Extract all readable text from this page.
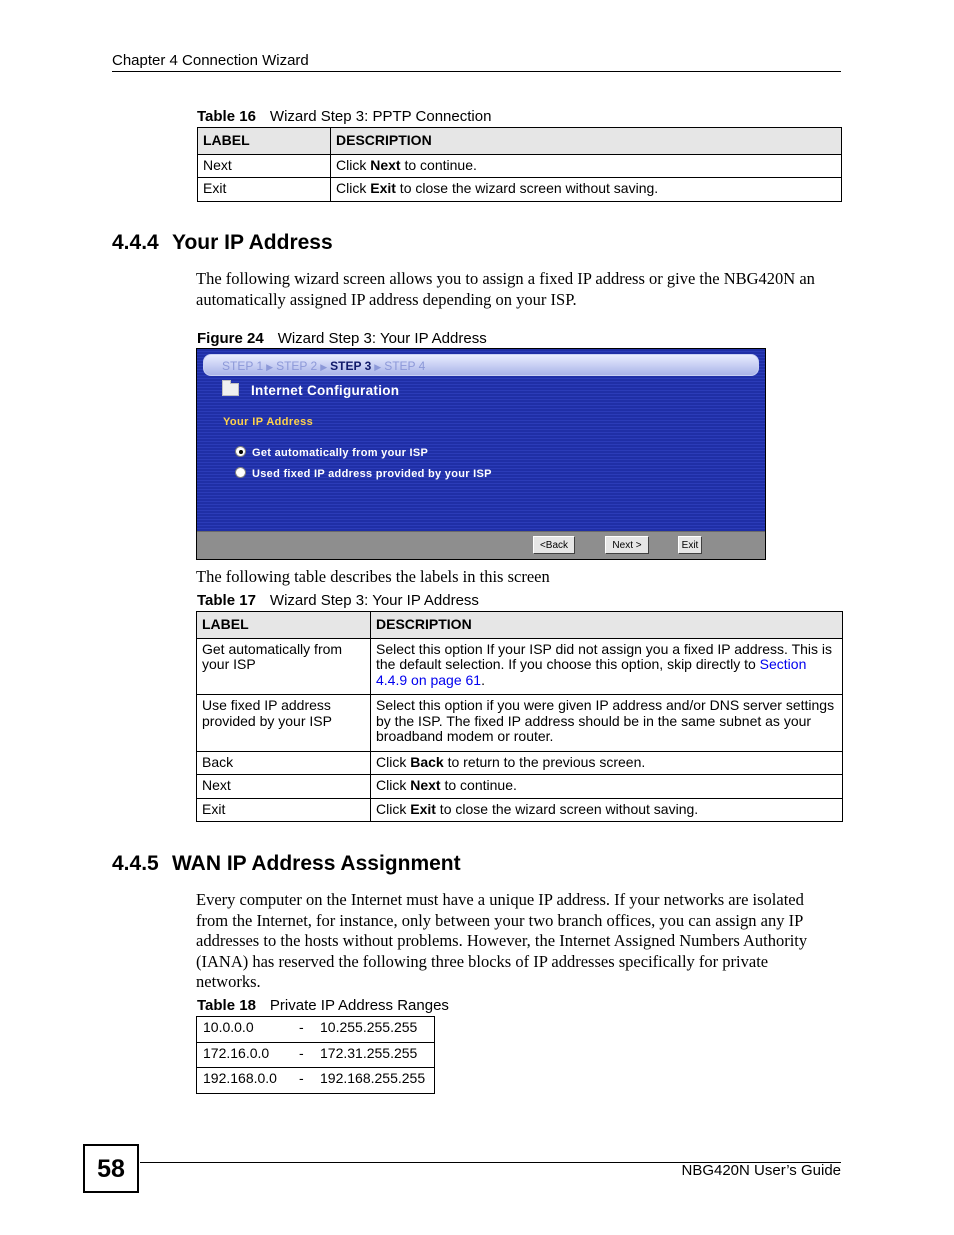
Chapter 4 Connection Wizard
Table 16 Wizard Step 3: PPTP Connection
LABEL	DESCRIPTION
Next	Click Next to continue.
Exit	Click Exit to close the wizard screen without saving.
4.4.4 Your IP Address
The following wizard screen allows you to assign a fixed IP address or give the NBG420N an automatically assigned IP address depending on your ISP.
Figure 24 Wizard Step 3: Your IP Address
STEP 1 ▶ STEP 2 ▶ STEP 3 ▶ STEP 4
Internet Configuration
Your IP Address
Get automatically from your ISP
Used fixed IP address provided by your ISP
<Back	Next >	Exit
The following table describes the labels in this screen
Table 17 Wizard Step 3: Your IP Address
LABEL	DESCRIPTION
Get automatically from your ISP	Select this option If your ISP did not assign you a fixed IP address. This is the default selection. If you choose this option, skip directly to Section 4.4.9 on page 61.
Use fixed IP address provided by your ISP	Select this option if you were given IP address and/or DNS server settings by the ISP. The fixed IP address should be in the same subnet as your broadband modem or router.
Back	Click Back to return to the previous screen.
Next	Click Next to continue.
Exit	Click Exit to close the wizard screen without saving.
4.4.5 WAN IP Address Assignment
Every computer on the Internet must have a unique IP address. If your networks are isolated from the Internet, for instance, only between your two branch offices, you can assign any IP addresses to the hosts without problems. However, the Internet Assigned Numbers Authority (IANA) has reserved the following three blocks of IP addresses specifically for private networks.
Table 18 Private IP Address Ranges
10.0.0.0	-	10.255.255.255
172.16.0.0	-	172.31.255.255
192.168.0.0	-	192.168.255.255
58	NBG420N User’s Guide
